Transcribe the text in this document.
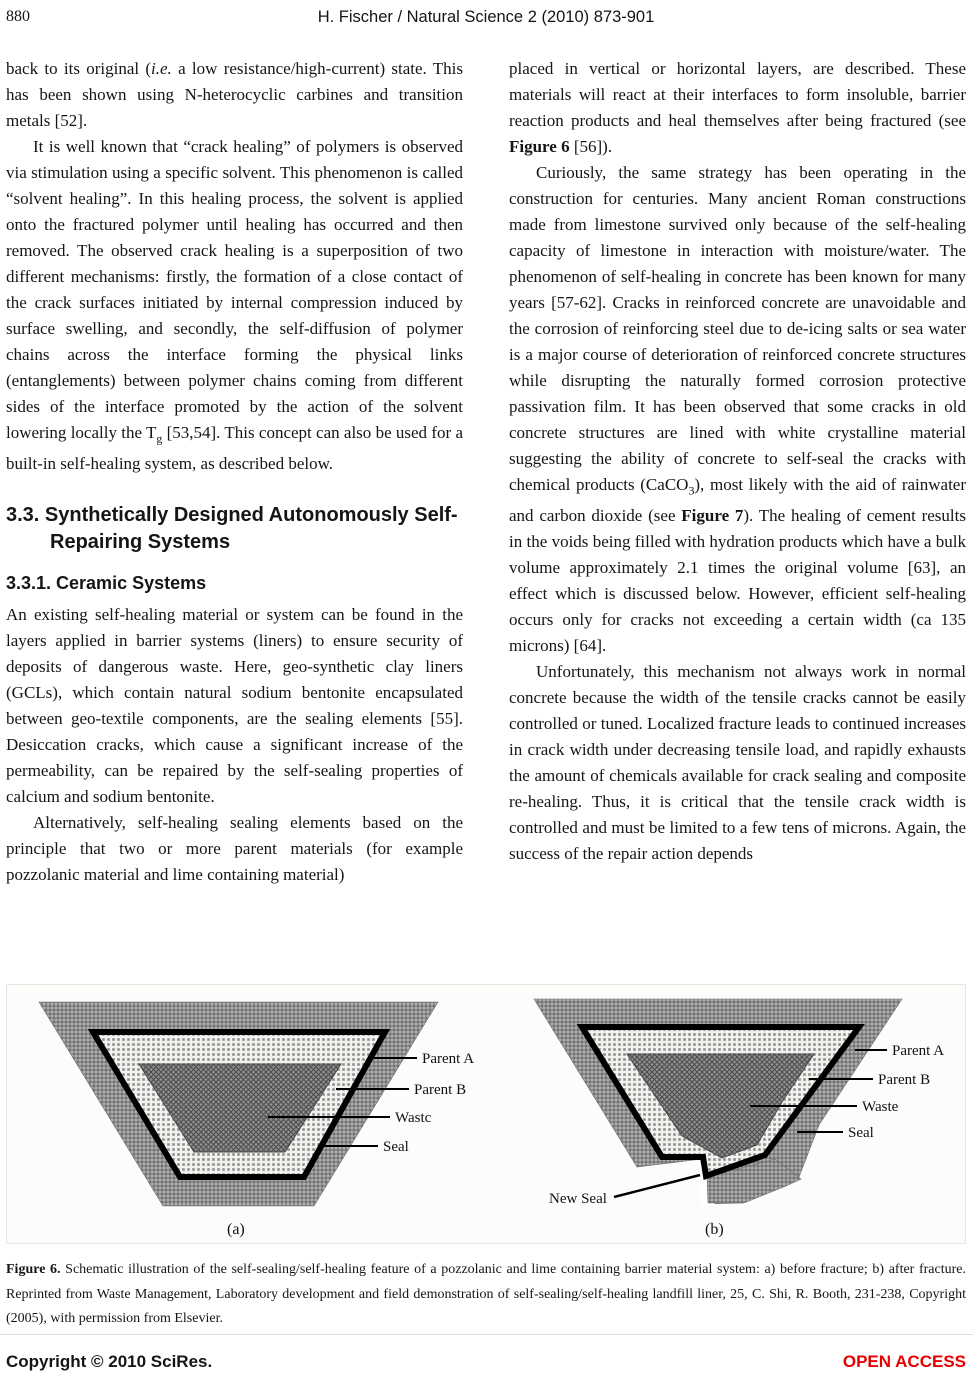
880	H. Fischer / Natural Science 2 (2010) 873-901

back to its original (i.e. a low resistance/high-current) state. This has been shown using N-heterocyclic carbines and transition metals [52].

It is well known that “crack healing” of polymers is observed via stimulation using a specific solvent. This phenomenon is called “solvent healing”. In this healing process, the solvent is applied onto the fractured polymer until healing has occurred and then removed. The observed crack healing is a superposition of two different mechanisms: firstly, the formation of a close contact of the crack surfaces initiated by internal compression induced by surface swelling, and secondly, the self-diffusion of polymer chains across the interface forming the physical links (entanglements) between polymer chains coming from different sides of the interface promoted by the action of the solvent lowering locally the $T_g$ [53,54]. This concept can also be used for a built-in self-healing system, as described below.

3.3. Synthetically Designed Autonomously Self-Repairing Systems
3.3.1. Ceramic Systems

An existing self-healing material or system can be found in the layers applied in barrier systems (liners) to ensure security of deposits of dangerous waste. Here, geo-synthetic clay liners (GCLs), which contain natural sodium bentonite encapsulated between geo-textile components, are the sealing elements [55]. Desiccation cracks, which cause a significant increase of the permeability, can be repaired by the self-sealing properties of calcium and sodium bentonite.

Alternatively, self-healing sealing elements based on the principle that two or more parent materials (for example pozzolanic material and lime containing material)

placed in vertical or horizontal layers, are described. These materials will react at their interfaces to form insoluble, barrier reaction products and heal themselves after being fractured (see Figure 6 [56]).

Curiously, the same strategy has been operating in the construction for centuries. Many ancient Roman constructions made from limestone survived only because of the self-healing capacity of limestone in interaction with moisture/water. The phenomenon of self-healing in concrete has been known for many years [57-62]. Cracks in reinforced concrete are unavoidable and the corrosion of reinforcing steel due to de-icing salts or sea water is a major course of deterioration of reinforced concrete structures while disrupting the naturally formed corrosion protective passivation film. It has been observed that some cracks in old concrete structures are lined with white crystalline material suggesting the ability of concrete to self-seal the cracks with chemical products (CaCO$_3$), most likely with the aid of rainwater and carbon dioxide (see Figure 7). The healing of cement results in the voids being filled with hydration products which have a bulk volume approximately 2.1 times the original volume [63], an effect which is discussed below. However, efficient self-healing occurs only for cracks not exceeding a certain width (ca 135 microns) [64].

Unfortunately, this mechanism not always work in normal concrete because the width of the tensile cracks cannot be easily controlled or tuned. Localized fracture leads to continued increases in crack width under decreasing tensile load, and rapidly exhausts the amount of chemicals available for crack sealing and composite re-healing. Thus, it is critical that the tensile crack width is controlled and must be limited to a few tens of microns. Again, the success of the repair action depends

Parent A
Parent B
Wastc
Seal
(a)
Parent A
Parent B
Waste
Seal
New Seal
(b)

Figure 6. Schematic illustration of the self-sealing/self-healing feature of a pozzolanic and lime containing barrier material system: a) before fracture; b) after fracture. Reprinted from Waste Management, Laboratory development and field demonstration of self-sealing/self-healing landfill liner, 25, C. Shi, R. Booth, 231-238, Copyright (2005), with permission from Elsevier.

Copyright © 2010 SciRes.	OPEN ACCESS
